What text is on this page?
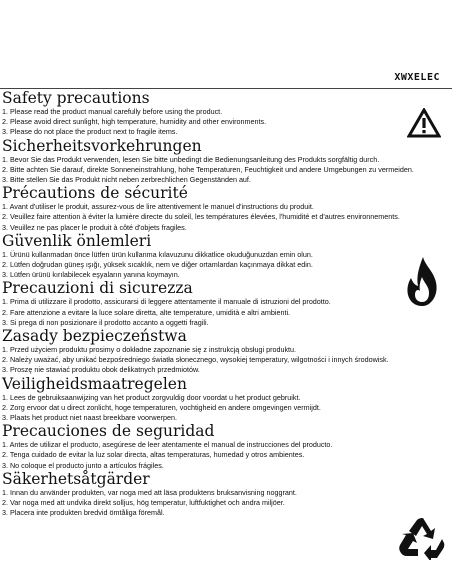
XWXELEC
Safety precautions
1. Please read the product manual carefully before using the product.
2. Please avoid direct sunlight, high temperature, humidity and other environments.
3. Please do not place the product next to fragile items.
Sicherheitsvorkehrungen
1. Bevor Sie das Produkt verwenden, lesen Sie bitte unbedingt die Bedienungsanleitung des Produkts sorgfältig durch.
2. Bitte achten Sie darauf, direkte Sonneneinstrahlung, hohe Temperaturen, Feuchtigkeit und andere Umgebungen zu vermeiden.
3. Bitte stellen Sie das Produkt nicht neben zerbrechlichen Gegenständen auf.
Précautions de sécurité
1. Avant d'utiliser le produit, assurez-vous de lire attentivement le manuel d'instructions du produit.
2. Veuillez faire attention à éviter la lumière directe du soleil, les températures élevées, l'humidité et d'autres environnements.
3. Veuillez ne pas placer le produit à côté d'objets fragiles.
Güvenlik önlemleri
1. Ürünü kullanmadan önce lütfen ürün kullanma kılavuzunu dikkatlice okuduğunuzdan emin olun.
2. Lütfen doğrudan güneş ışığı, yüksek sıcaklık, nem ve diğer ortamlardan kaçınmaya dikkat edin.
3. Lütfen ürünü kırılabilecek eşyaların yanına koymayın.
Precauzioni di sicurezza
1. Prima di utilizzare il prodotto, assicurarsi di leggere attentamente il manuale di istruzioni del prodotto.
2. Fare attenzione a evitare la luce solare diretta, alte temperature, umidità e altri ambienti.
3. Si prega di non posizionare il prodotto accanto a oggetti fragili.
Zasady bezpieczeństwa
1. Przed użyciem produktu prosimy o dokładne zapoznanie się z instrukcją obsługi produktu.
2. Należy uważać, aby unikać bezpośredniego światła słonecznego, wysokiej temperatury, wilgotności i innych środowisk.
3. Proszę nie stawiać produktu obok delikatnych przedmiotów.
Veiligheidsmaatregelen
1. Lees de gebruiksaanwijzing van het product zorgvuldig door voordat u het product gebruikt.
2. Zorg ervoor dat u direct zonlicht, hoge temperaturen, vochtigheid en andere omgevingen vermijdt.
3. Plaats het product niet naast breekbare voorwerpen.
Precauciones de seguridad
1. Antes de utilizar el producto, asegúrese de leer atentamente el manual de instrucciones del producto.
2. Tenga cuidado de evitar la luz solar directa, altas temperaturas, humedad y otros ambientes.
3. No coloque el producto junto a artículos frágiles.
Säkerhetsåtgärder
1. Innan du använder produkten, var noga med att läsa produktens bruksanvisning noggrant.
2. Var noga med att undvika direkt solljus, hög temperatur, luftfuktighet och andra miljöer.
3. Placera inte produkten bredvid ömtåliga föremål.
